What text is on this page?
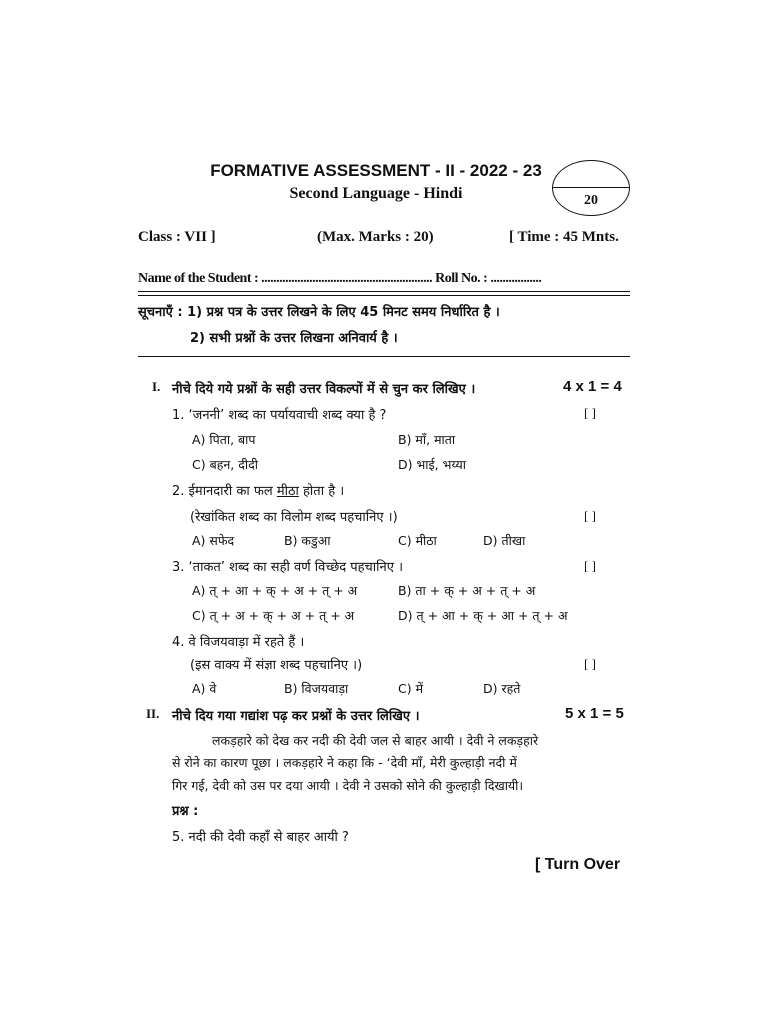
FORMATIVE ASSESSMENT - II - 2022 - 23
Second Language - Hindi	20
Class : VII ]	(Max. Marks : 20)	[ Time : 45 Mnts.
Name of the Student : ......................................................... Roll No. : .................
सूचनाएँ : 1) प्रश्न पत्र के उत्तर लिखने के लिए 45 मिनट समय निर्धारित है ।
2) सभी प्रश्नों के उत्तर लिखना अनिवार्य है ।
I. नीचे दिये गये प्रश्नों के सही उत्तर विकल्पों में से चुन कर लिखिए ।	4 x 1 = 4
1. ‘जननी’ शब्द का पर्यायवाची शब्द क्या है ?	[ ]
A) पिता, बाप	B) माँ, माता
C) बहन, दीदी	D) भाई, भय्या
2. ईमानदारी का फल मीठा होता है ।
(रेखांकित शब्द का विलोम शब्द पहचानिए ।)	[ ]
A) सफेद	B) कडुआ	C) मीठा	D) तीखा
3. ‘ताकत’ शब्द का सही वर्ण विच्छेद पहचानिए ।	[ ]
A) त् + आ + क् + अ + त् + अ	B) ता + क् + अ + त् + अ
C) त् + अ + क् + अ + त् + अ	D) त् + आ + क् + आ + त् + अ
4. वे विजयवाड़ा में रहते हैं ।
(इस वाक्य में संज्ञा शब्द पहचानिए ।)	[ ]
A) वे	B) विजयवाड़ा	C) में	D) रहते
II. नीचे दिय गया गद्यांश पढ़ कर प्रश्नों के उत्तर लिखिए ।	5 x 1 = 5
लकड़हारे को देख कर नदी की देवी जल से बाहर आयी । देवी ने लकड़हारे
से रोने का कारण पूछा । लकड़हारे ने कहा कि - ‘देवी माँ, मेरी कुल्हाड़ी नदी में
गिर गई, देवी को उस पर दया आयी । देवी ने उसको सोने की कुल्हाड़ी दिखायी।
प्रश्न :
5. नदी की देवी कहाँ से बाहर आयी ?
[ Turn Over
